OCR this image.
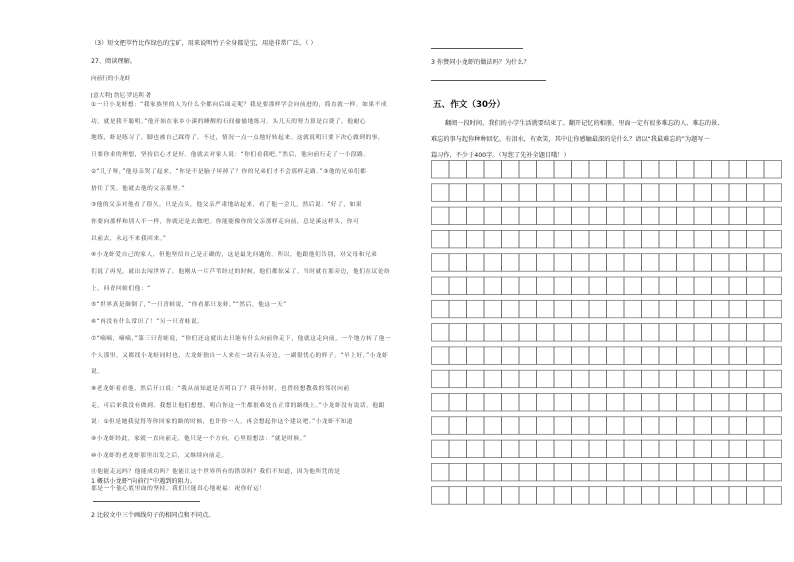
（3）短文把萃竹比作绿色的宝矿，用来说明竹子全身都是宝，用途非常广泛。（ ）
27、阅读理解。
向前行的小龙虾
[意大利] 詹尼·罗达利 著
①一只小龙虾想：“我家族里的人为什么全都向后面走呢？我是要那样学会向前进的，简直就一样。如果不成
功，就是我不聪明。”他开始在家乡小溪的睡醒的石间偷偷地练习。头几天的努力算是白费了，他耐心
地练，虾是练习了，脚也被自己踩得了。不过，情况一点一点地好转起来。这就说明只要下决心做到的事，
只要你求的理想，坚持信心才是好。他就去对家人说：“你们看我吧。”然后，他向前行走了一小段路。
②“儿子呀，”他母亲哭了起来，“你是不是脑子坏掉了？你的兄弟们才不会那样走路。”③他的兄弟们都
捂住了笑。他就去他的父亲那里。”
③他的父亲对他看了很久，只是点头。他父亲严肃地站起来，看了他一会儿，然后说：“好了，如果
你要向那样和别人不一样，你就还是去做吧。你能能像你的父亲那样走向前，总是溪这样头，你可
以前去，永远不来我回来。”
④小龙虾爱自己的家人，但他坚信自己是正确的，这是最先问题的。所以，他跟他们告别，对父母和兄弟
们说了再见，就出去闯世界了。他刚从一片芦苇经过的时候，他们都惊呆了。当时就在那旁边，他们在议论纷
上，问青问蛙们他：“
⑤“世界真是颠倒了，”一只青蛙说，“你看那只龙虾。”“然后，他这一天”
⑥“再没有什么常识了！”另一只青蛙说。
⑦“嘀嘀，嘀嘀，”第三只青蛙说，“你们还这就出去只能有什么向前你走下，他就这走向前，一个地方转了他一
个人那里，又都找小龙虾同时也，大龙虾独自一人来在一块石头旁边，一副很忧心的样子。“早上好，”小龙虾
说。
⑧老龙虾看看他，然后开口说：“我从前知道是否明白了？我年轻时，也曾经想教我的邻居向前
走，可后来我没有做到。我想让他们想想，明白你这一生都很难处在正常的路线上。”小龙虾没有说话，他跟
说：①但是她我觉得等你回家的路的时候，也许你一人，再会想起你这个建议吧。”小龙虾不知道
⑨小龙虾经此，家就一直向前走，他只是一个方向，心里很想法：“就是时候。”
⑩小龙虾的老龙虾那里出发之后，又继续向前走。
⑪他能走远吗？他能成功吗？他能让这个世界所有的错误吗？我们不知道，因为他所凭的是
那是一个他心底里面的坚持。我们只能真心地祝福：祝你好运！
1 概括小龙虾“向前行”中遇到的阻力。
2 比较文中三个画线句子的相同点和不同点。
3 你赞同小龙虾的做法吗？为什么？
五、作文（30分）
翻阅一段时间，我们的小学生活就要结束了。翻开记忆的相册，里面一定有很多难忘的人、难忘的景、
难忘的事与起你种种回忆，有泪水，有欢笑，其中让你感触最深的是什么？请以“我最难忘的”为题写一
篇习作，不少于400字。（写您了先补全题目哦！）
